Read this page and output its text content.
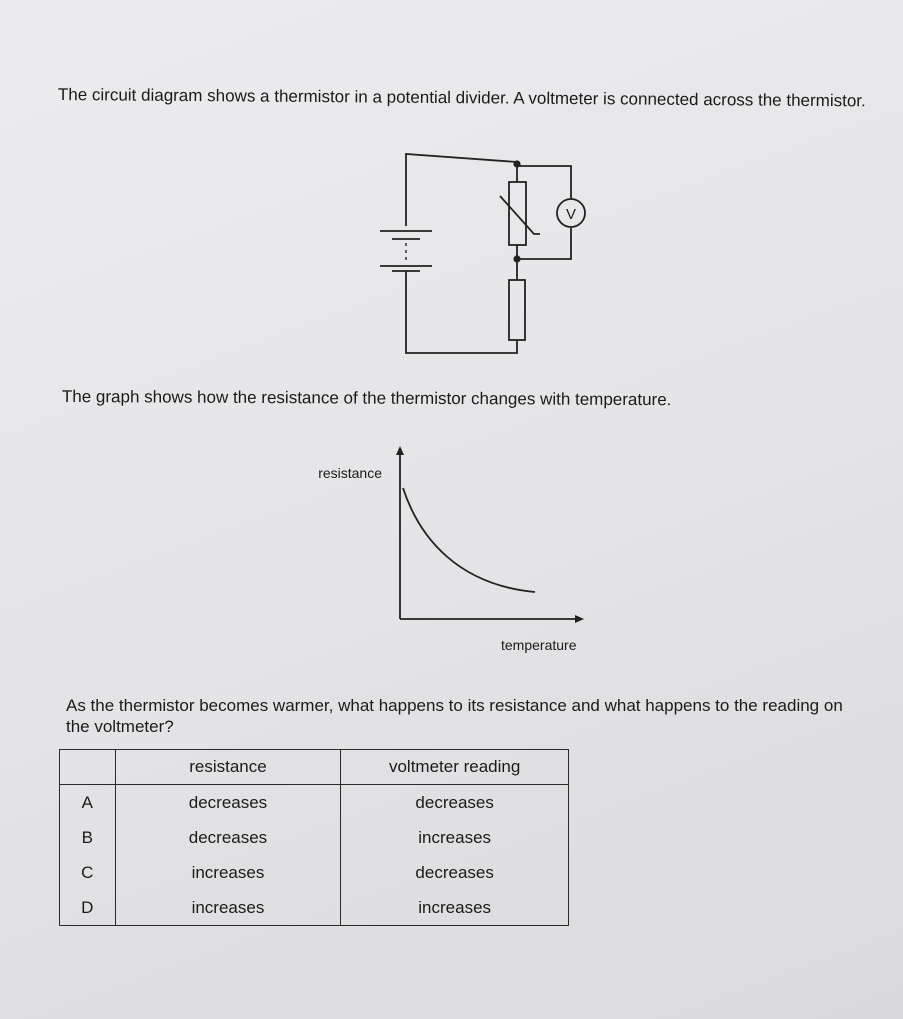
The circuit diagram shows a thermistor in a potential divider. A voltmeter is connected across the thermistor.
V
The graph shows how the resistance of the thermistor changes with temperature.
resistance
temperature
As the thermistor becomes warmer, what happens to its resistance and what happens to the reading on the voltmeter?
	resistance	voltmeter reading
A	decreases	decreases
B	decreases	increases
C	increases	decreases
D	increases	increases
